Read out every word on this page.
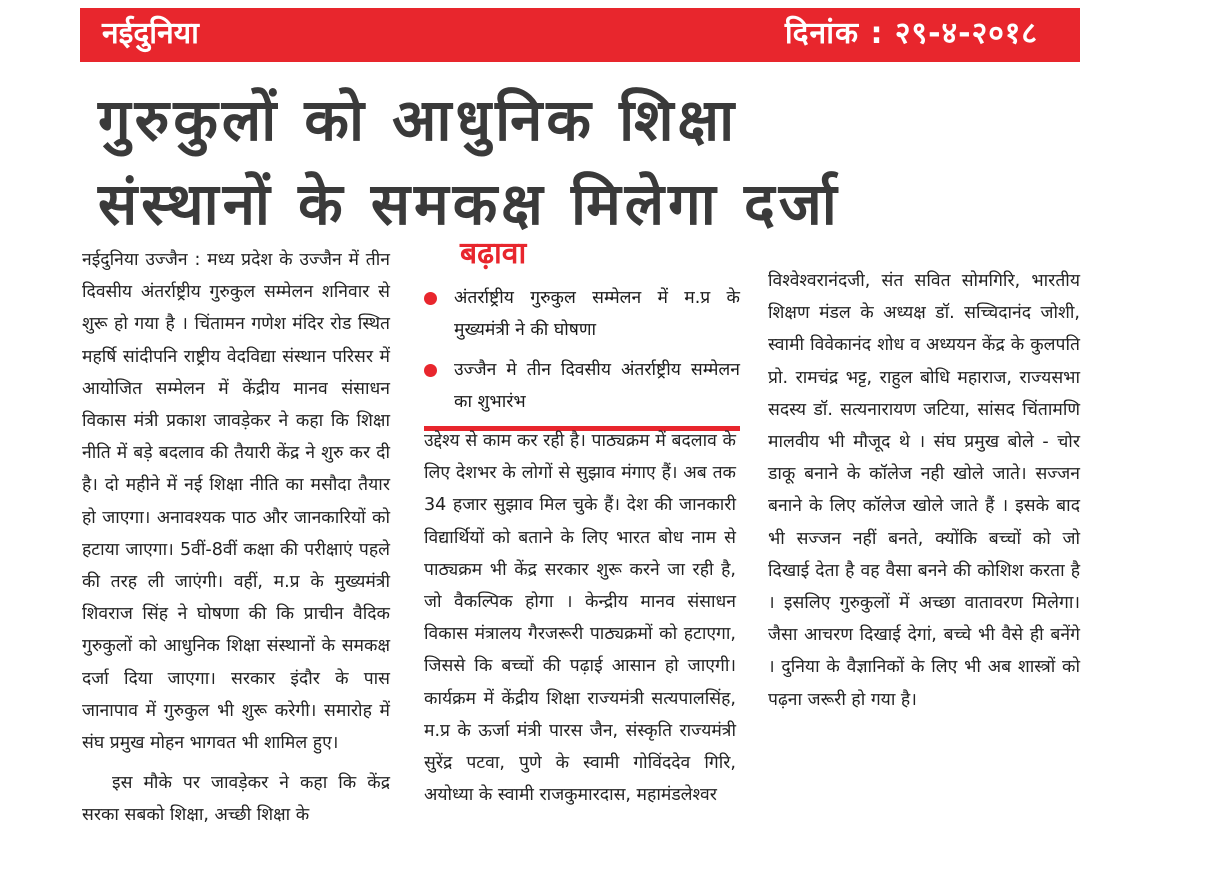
नईदुनिया	दिनांक : २९-४-२०१८
गुरुकुलों को आधुनिक शिक्षा
संस्थानों के समकक्ष मिलेगा दर्जा

नईदुनिया उज्जैन : मध्य प्रदेश के उज्जैन में तीन दिवसीय अंतर्राष्ट्रीय गुरुकुल सम्मेलन शनिवार से शुरू हो गया है । चिंतामन गणेश मंदिर रोड स्थित महर्षि सांदीपनि राष्ट्रीय वेदविद्या संस्थान परिसर में आयोजित सम्मेलन में केंद्रीय मानव संसाधन विकास मंत्री प्रकाश जावड़ेकर ने कहा कि शिक्षा नीति में बड़े बदलाव की तैयारी केंद्र ने शुरु कर दी है। दो महीने में नई शिक्षा नीति का मसौदा तैयार हो जाएगा। अनावश्यक पाठ और जानकारियों को हटाया जाएगा। 5वीं-8वीं कक्षा की परीक्षाएं पहले की तरह ली जाएंगी। वहीं, म.प्र के मुख्यमंत्री शिवराज सिंह ने घोषणा की कि प्राचीन वैदिक गुरुकुलों को आधुनिक शिक्षा संस्थानों के समकक्ष दर्जा दिया जाएगा। सरकार इंदौर के पास जानापाव में गुरुकुल भी शुरू करेगी। समारोह में संघ प्रमुख मोहन भागवत भी शामिल हुए।

इस मौके पर जावड़ेकर ने कहा कि केंद्र सरका सबको शिक्षा, अच्छी शिक्षा के

बढ़ावा
अंतर्राष्ट्रीय गुरुकुल सम्मेलन में म.प्र के मुख्यमंत्री ने की घोषणा
उज्जैन मे तीन दिवसीय अंतर्राष्ट्रीय सम्मेलन का शुभारंभ

उद्देश्य से काम कर रही है। पाठ्यक्रम में बदलाव के लिए देशभर के लोगों से सुझाव मंगाए हैं। अब तक 34 हजार सुझाव मिल चुके हैं। देश की जानकारी विद्यार्थियों को बताने के लिए भारत बोध नाम से पाठ्यक्रम भी केंद्र सरकार शुरू करने जा रही है, जो वैकल्पिक होगा । केन्द्रीय मानव संसाधन विकास मंत्रालय गैरजरूरी पाठ्यक्रमों को हटाएगा, जिससे कि बच्चों की पढ़ाई आसान हो जाएगी। कार्यक्रम में केंद्रीय शिक्षा राज्यमंत्री सत्यपालसिंह, म.प्र के ऊर्जा मंत्री पारस जैन, संस्कृति राज्यमंत्री सुरेंद्र पटवा, पुणे के स्वामी गोविंददेव गिरि, अयोध्या के स्वामी राजकुमारदास, महामंडलेश्वर

विश्वेश्वरानंदजी, संत सवित सोमगिरि, भारतीय शिक्षण मंडल के अध्यक्ष डॉ. सच्चिदानंद जोशी, स्वामी विवेकानंद शोध व अध्ययन केंद्र के कुलपति प्रो. रामचंद्र भट्ट, राहुल बोधि महाराज, राज्यसभा सदस्य डॉ. सत्यनारायण जटिया, सांसद चिंतामणि मालवीय भी मौजूद थे । संघ प्रमुख बोले - चोर डाकू बनाने के कॉलेज नही खोले जाते। सज्जन बनाने के लिए कॉलेज खोले जाते हैं । इसके बाद भी सज्जन नहीं बनते, क्योंकि बच्चों को जो दिखाई देता है वह वैसा बनने की कोशिश करता है । इसलिए गुरुकुलों में अच्छा वातावरण मिलेगा। जैसा आचरण दिखाई देगां, बच्चे भी वैसे ही बनेंगे । दुनिया के वैज्ञानिकों के लिए भी अब शास्त्रों को पढ़ना जरूरी हो गया है।
